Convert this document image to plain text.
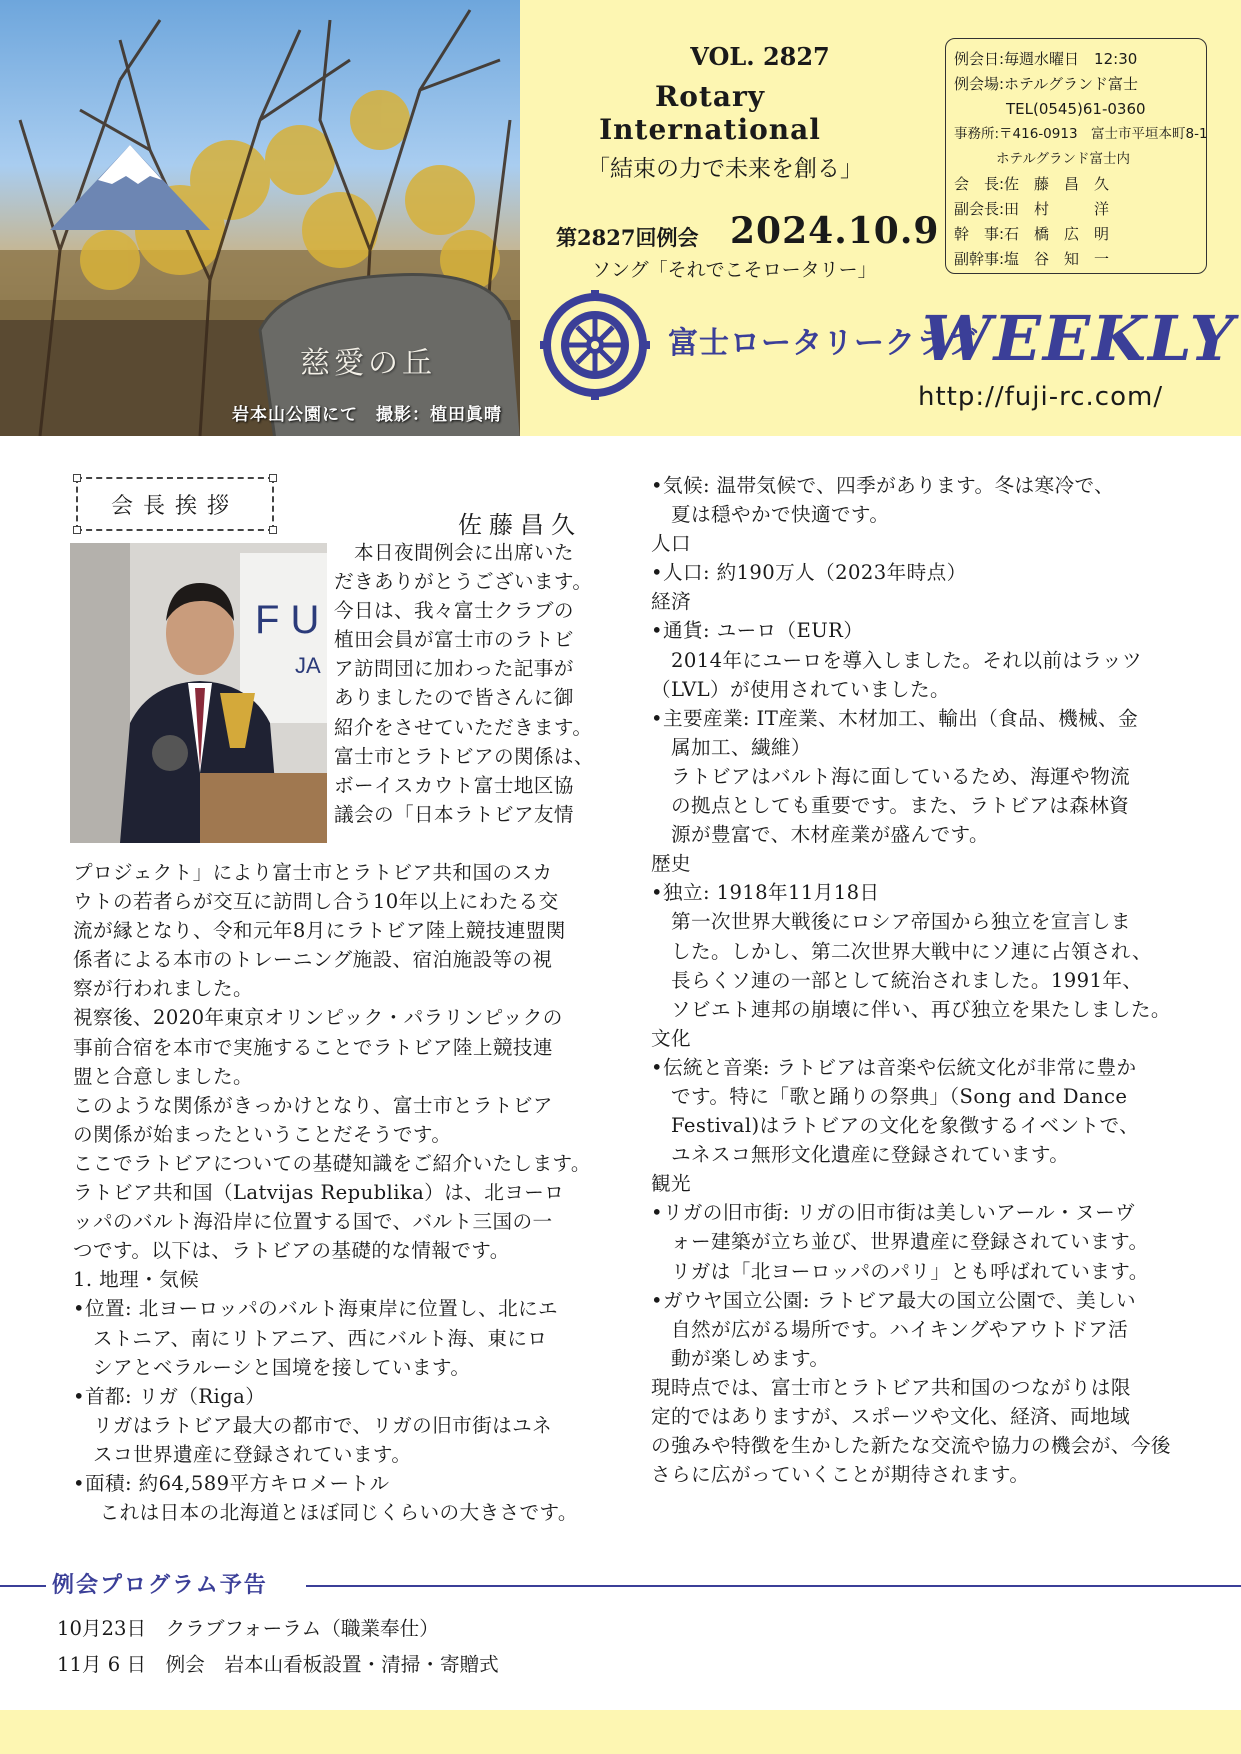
慈愛の丘
岩本山公園にて　撮影：植田眞晴
VOL. 2827
Rotary International
「結束の力で未来を創る」
第2827回例会 2024.10.9
ソング「それでこそロータリー」
例会日:毎週水曜日　12:30
例会場:ホテルグランド富士
TEL(0545)61-0360
事務所:〒416-0913　富士市平垣本町8-1
ホテルグランド富士内
会　長:佐　藤　昌　久
副会長:田　村　　　洋
幹　事:石　橋　広　明
副幹事:塩　谷　知　一
富士ロータリークラブ
WEEKLY
http://fuji-rc.com/
会長挨拶
佐藤昌久
F U
JA
　本日夜間例会に出席いた
だきありがとうございます。
今日は、我々富士クラブの
植田会員が富士市のラトビ
ア訪問団に加わった記事が
ありましたので皆さんに御
紹介をさせていただきます。
富士市とラトビアの関係は、
ボーイスカウト富士地区協
議会の「日本ラトビア友情
プロジェクト」により富士市とラトビア共和国のスカ
ウトの若者らが交互に訪問し合う10年以上にわたる交
流が縁となり、令和元年8月にラトビア陸上競技連盟関
係者による本市のトレーニング施設、宿泊施設等の視
察が行われました。
視察後、2020年東京オリンピック・パラリンピックの
事前合宿を本市で実施することでラトビア陸上競技連
盟と合意しました。
このような関係がきっかけとなり、富士市とラトビア
の関係が始まったということだそうです。
ここでラトビアについての基礎知識をご紹介いたします。
ラトビア共和国（Latvijas Republika）は、北ヨーロ
ッパのバルト海沿岸に位置する国で、バルト三国の一
つです。以下は、ラトビアの基礎的な情報です。
1. 地理・気候
•位置: 北ヨーロッパのバルト海東岸に位置し、北にエ
　ストニア、南にリトアニア、西にバルト海、東にロ
　シアとベラルーシと国境を接しています。
•首都: リガ（Riga）
　リガはラトビア最大の都市で、リガの旧市街はユネ
　スコ世界遺産に登録されています。
•面積: 約64,589平方キロメートル
　 これは日本の北海道とほぼ同じくらいの大きさです。
•気候: 温帯気候で、四季があります。冬は寒冷で、
　夏は穏やかで快適です。
人口
•人口: 約190万人（2023年時点）
経済
•通貨: ユーロ（EUR）
　2014年にユーロを導入しました。それ以前はラッツ
（LVL）が使用されていました。
•主要産業: IT産業、木材加工、輸出（食品、機械、金
　属加工、繊維）
　ラトビアはバルト海に面しているため、海運や物流
　の拠点としても重要です。また、ラトビアは森林資
　源が豊富で、木材産業が盛んです。
歴史
•独立: 1918年11月18日
　第一次世界大戦後にロシア帝国から独立を宣言しま
　した。しかし、第二次世界大戦中にソ連に占領され、
　長らくソ連の一部として統治されました。1991年、
　ソビエト連邦の崩壊に伴い、再び独立を果たしました。
文化
•伝統と音楽: ラトビアは音楽や伝統文化が非常に豊か
　です。特に「歌と踊りの祭典」（Song and Dance
　Festival)はラトビアの文化を象徴するイベントで、
　ユネスコ無形文化遺産に登録されています。
観光
•リガの旧市街: リガの旧市街は美しいアール・ヌーヴ
　ォー建築が立ち並び、世界遺産に登録されています。
　リガは「北ヨーロッパのパリ」とも呼ばれています。
•ガウヤ国立公園: ラトビア最大の国立公園で、美しい
　自然が広がる場所です。ハイキングやアウトドア活
　動が楽しめます。
現時点では、富士市とラトビア共和国のつながりは限
定的ではありますが、スポーツや文化、経済、両地域
の強みや特徴を生かした新たな交流や協力の機会が、今後
さらに広がっていくことが期待されます。
例会プログラム予告
10月23日　クラブフォーラム（職業奉仕）
11月 6 日　例会　岩本山看板設置・清掃・寄贈式
